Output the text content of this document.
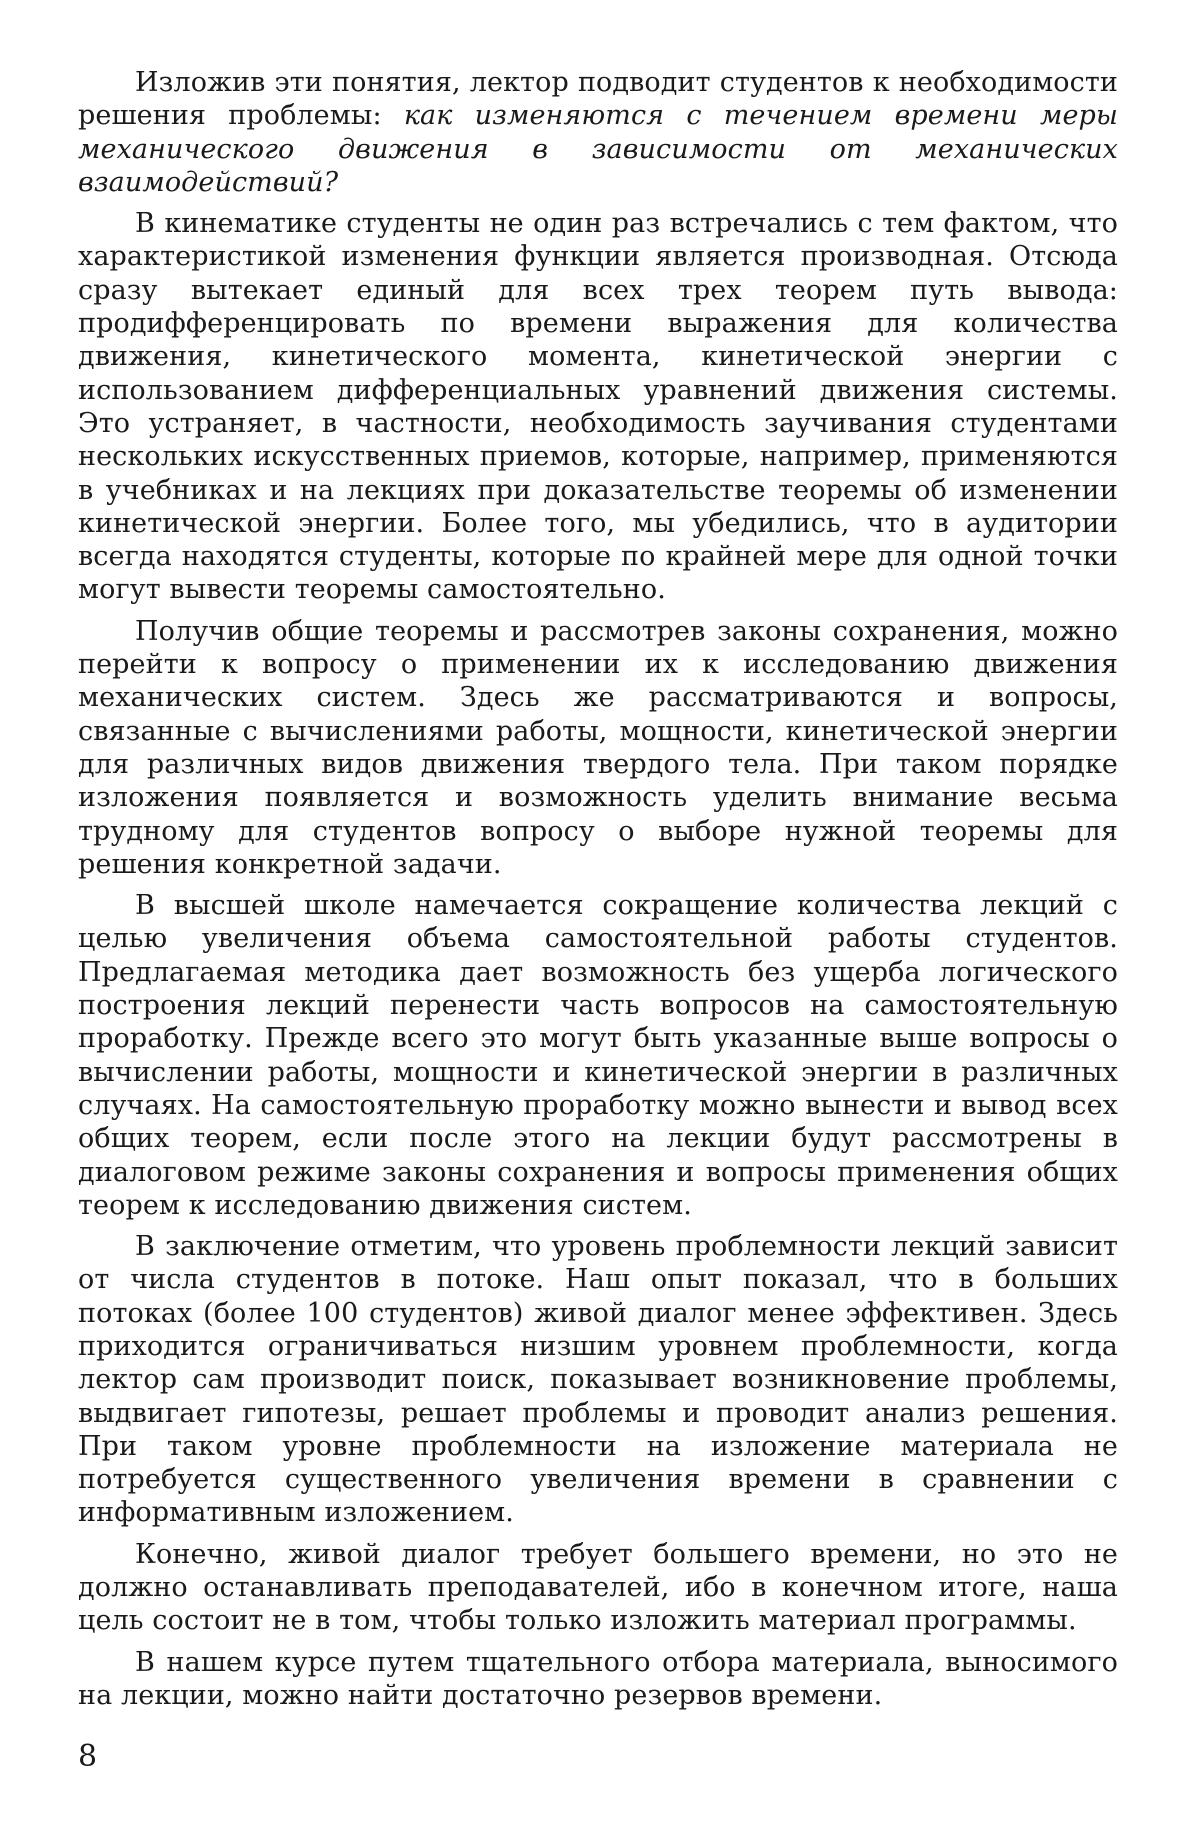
Изложив эти понятия, лектор подводит студентов к необходимости решения проблемы: как изменяются с течением времени меры механического движения в зависимости от механических взаимодействий?

В кинематике студенты не один раз встречались с тем фактом, что характеристикой изменения функции является производная. Отсюда сразу вытекает единый для всех трех теорем путь вывода: продифференцировать по времени выражения для количества движения, кинетического момента, кинетической энергии с использованием дифференциальных уравнений движения системы. Это устраняет, в частности, необходимость заучивания студентами нескольких искусственных приемов, которые, например, применяются в учебниках и на лекциях при доказательстве теоремы об изменении кинетической энергии. Более того, мы убедились, что в аудитории всегда находятся студенты, которые по крайней мере для одной точки могут вывести теоремы самостоятельно.

Получив общие теоремы и рассмотрев законы сохранения, можно перейти к вопросу о применении их к исследованию движения механических систем. Здесь же рассматриваются и вопросы, связанные с вычислениями работы, мощности, кинетической энергии для различных видов движения твердого тела. При таком порядке изложения появляется и возможность уделить внимание весьма трудному для студентов вопросу о выборе нужной теоремы для решения конкретной задачи.

В высшей школе намечается сокращение количества лекций с целью увеличения объема самостоятельной работы студентов. Предлагаемая методика дает возможность без ущерба логического построения лекций перенести часть вопросов на самостоятельную проработку. Прежде всего это могут быть указанные выше вопросы о вычислении работы, мощности и кинетической энергии в различных случаях. На самостоятельную проработку можно вынести и вывод всех общих теорем, если после этого на лекции будут рассмотрены в диалоговом режиме законы сохранения и вопросы применения общих теорем к исследованию движения систем.

В заключение отметим, что уровень проблемности лекций зависит от числа студентов в потоке. Наш опыт показал, что в больших потоках (более 100 студентов) живой диалог менее эффективен. Здесь приходится ограничиваться низшим уровнем проблемности, когда лектор сам производит поиск, показывает возникновение проблемы, выдвигает гипотезы, решает проблемы и проводит анализ решения. При таком уровне проблемности на изложение материала не потребуется существенного увеличения времени в сравнении с информативным изложением.

Конечно, живой диалог требует большего времени, но это не должно останавливать преподавателей, ибо в конечном итоге, наша цель состоит не в том, чтобы только изложить материал программы.

В нашем курсе путем тщательного отбора материала, выносимого на лекции, можно найти достаточно резервов времени.

8
